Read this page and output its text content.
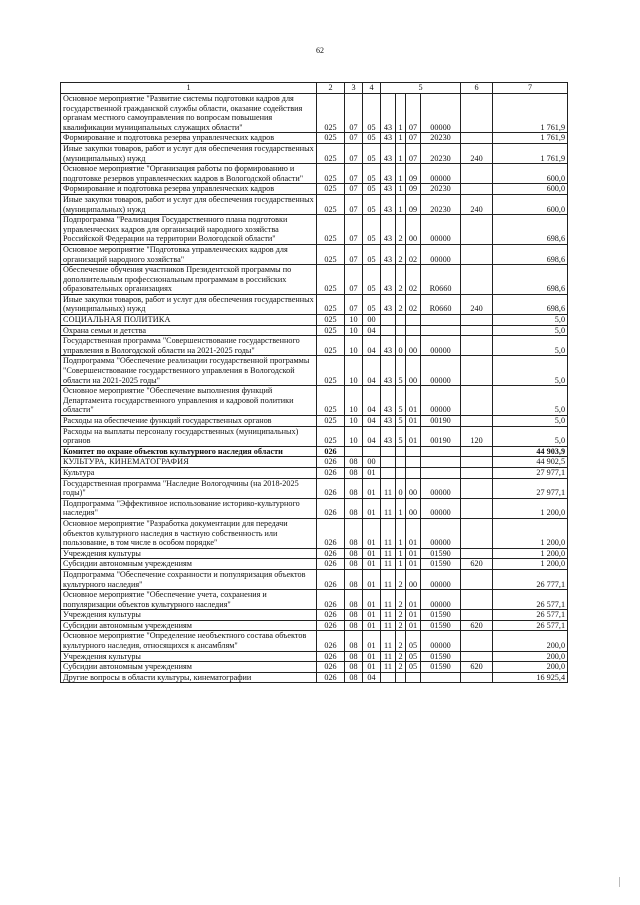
62
1	2	3	4	5				6	7
Основное мероприятие "Развитие системы подготовки кадров для государственной гражданской службы области, оказание содействия органам местного самоуправления по вопросам повышения квалификации муниципальных служащих области"	025	07	05	43	1	07	00000		1 761,9
Формирование и подготовка резерва управленческих кадров	025	07	05	43	1	07	20230		1 761,9
Иные закупки товаров, работ и услуг для обеспечения государственных (муниципальных) нужд	025	07	05	43	1	07	20230	240	1 761,9
Основное мероприятие "Организация работы по формированию и подготовке резервов управленческих кадров в Вологодской области"	025	07	05	43	1	09	00000		600,0
Формирование и подготовка резерва управленческих кадров	025	07	05	43	1	09	20230		600,0
Иные закупки товаров, работ и услуг для обеспечения государственных (муниципальных) нужд	025	07	05	43	1	09	20230	240	600,0
Подпрограмма "Реализация Государственного плана подготовки управленческих кадров для организаций народного хозяйства Российской Федерации на территории Вологодской области"	025	07	05	43	2	00	00000		698,6
Основное мероприятие "Подготовка управленческих кадров для организаций народного хозяйства"	025	07	05	43	2	02	00000		698,6
Обеспечение обучения участников Президентской программы по дополнительным профессиональным программам в российских образовательных организациях	025	07	05	43	2	02	R0660		698,6
Иные закупки товаров, работ и услуг для обеспечения государственных (муниципальных) нужд	025	07	05	43	2	02	R0660	240	698,6
СОЦИАЛЬНАЯ ПОЛИТИКА	025	10	00						5,0
Охрана семьи и детства	025	10	04						5,0
Государственная программа "Совершенствование государственного управления в Вологодской области на 2021-2025 годы"	025	10	04	43	0	00	00000		5,0
Подпрограмма "Обеспечение реализации государственной программы "Совершенствование государственного управления в Вологодской области на 2021-2025 годы"	025	10	04	43	5	00	00000		5,0
Основное мероприятие "Обеспечение выполнения функций Департамента государственного управления и кадровой политики области"	025	10	04	43	5	01	00000		5,0
Расходы на обеспечение функций государственных органов	025	10	04	43	5	01	00190		5,0
Расходы на выплаты персоналу государственных (муниципальных) органов	025	10	04	43	5	01	00190	120	5,0
Комитет по охране объектов культурного наследия области	026								44 903,9
КУЛЬТУРА, КИНЕМАТОГРАФИЯ	026	08	00						44 902,5
Культура	026	08	01						27 977,1
Государственная программа "Наследие Вологодчины (на 2018-2025 годы)"	026	08	01	11	0	00	00000		27 977,1
Подпрограмма "Эффективное использование историко-культурного наследия"	026	08	01	11	1	00	00000		1 200,0
Основное мероприятие "Разработка документации для передачи объектов культурного наследия в частную собственность или пользование, в том числе в особом порядке"	026	08	01	11	1	01	00000		1 200,0
Учреждения культуры	026	08	01	11	1	01	01590		1 200,0
Субсидии автономным учреждениям	026	08	01	11	1	01	01590	620	1 200,0
Подпрограмма "Обеспечение сохранности и популяризация объектов культурного наследия"	026	08	01	11	2	00	00000		26 777,1
Основное мероприятие "Обеспечение учета, сохранения и популяризации объектов культурного наследия"	026	08	01	11	2	01	00000		26 577,1
Учреждения культуры	026	08	01	11	2	01	01590		26 577,1
Субсидии автономным учреждениям	026	08	01	11	2	01	01590	620	26 577,1
Основное мероприятие "Определение необъектного состава объектов культурного наследия, относящихся к ансамблям"	026	08	01	11	2	05	00000		200,0
Учреждения культуры	026	08	01	11	2	05	01590		200,0
Субсидии автономным учреждениям	026	08	01	11	2	05	01590	620	200,0
Другие вопросы в области культуры, кинематографии	026	08	04						16 925,4
